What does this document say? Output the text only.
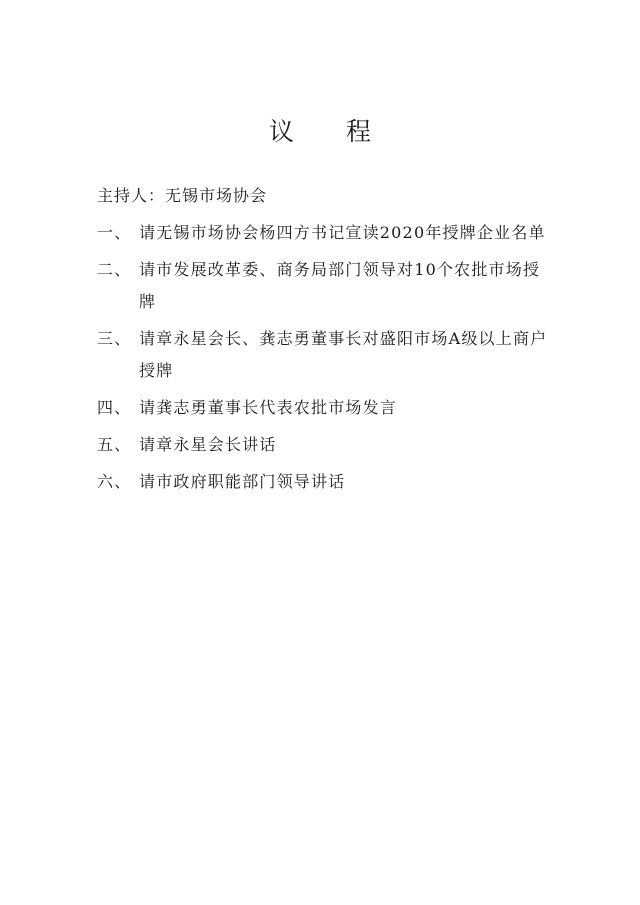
议 程
主持人：无锡市场协会
一、 请无锡市场协会杨四方书记宣读2020年授牌企业名单
二、 请市发展改革委、商务局部门领导对10个农批市场授牌
三、 请章永星会长、龚志勇董事长对盛阳市场A级以上商户授牌
四、 请龚志勇董事长代表农批市场发言
五、 请章永星会长讲话
六、 请市政府职能部门领导讲话
